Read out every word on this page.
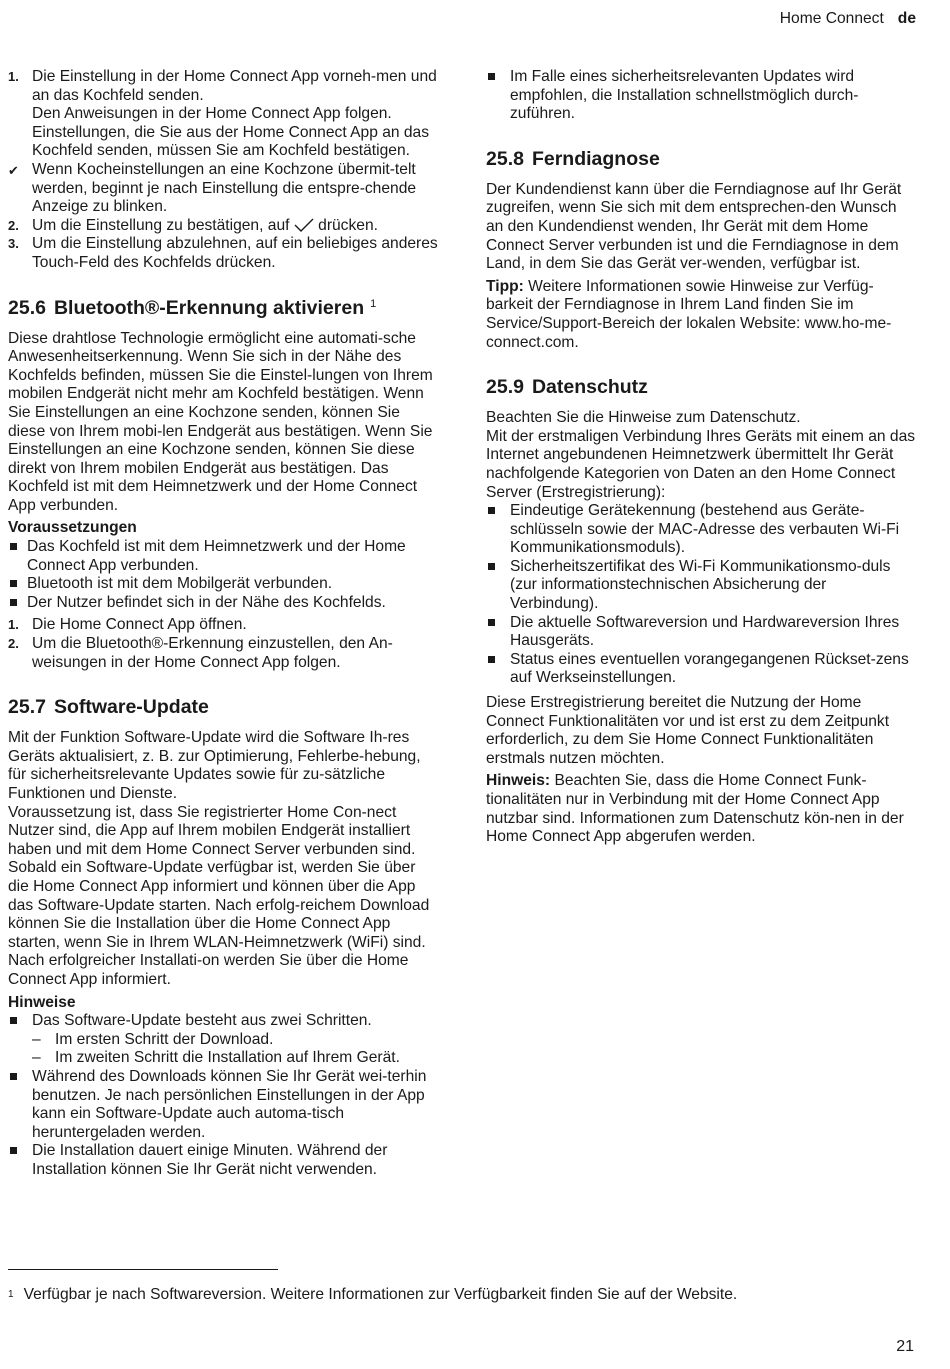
Home Connect de
1. Die Einstellung in der Home Connect App vorneh-men und an das Kochfeld senden.
Den Anweisungen in der Home Connect App folgen.
Einstellungen, die Sie aus der Home Connect App an das Kochfeld senden, müssen Sie am Kochfeld bestätigen.
✔ Wenn Kocheinstellungen an eine Kochzone übermit-telt werden, beginnt je nach Einstellung die entspre-chende Anzeige zu blinken.
2. Um die Einstellung zu bestätigen, auf drücken.
3. Um die Einstellung abzulehnen, auf ein beliebiges anderes Touch-Feld des Kochfelds drücken.
25.6 Bluetooth®-Erkennung aktivieren $^1$

Diese drahtlose Technologie ermöglicht eine automati-sche Anwesenheitserkennung. Wenn Sie sich in der Nähe des Kochfelds befinden, müssen Sie die Einstel-lungen von Ihrem mobilen Endgerät nicht mehr am Kochfeld bestätigen. Wenn Sie Einstellungen an eine Kochzone senden, können Sie diese von Ihrem mobi-len Endgerät aus bestätigen. Wenn Sie Einstellungen an eine Kochzone senden, können Sie diese direkt von Ihrem mobilen Endgerät aus bestätigen. Das Kochfeld ist mit dem Heimnetzwerk und der Home Connect App verbunden.

Voraussetzungen
Das Kochfeld ist mit dem Heimnetzwerk und der Home Connect App verbunden.
Bluetooth ist mit dem Mobilgerät verbunden.
Der Nutzer befindet sich in der Nähe des Kochfelds.
1. Die Home Connect App öffnen.
2. Um die Bluetooth®-Erkennung einzustellen, den An-weisungen in der Home Connect App folgen.
25.7 Software-Update

Mit der Funktion Software-Update wird die Software Ih-res Geräts aktualisiert, z. B. zur Optimierung, Fehlerbe-hebung, für sicherheitsrelevante Updates sowie für zu-sätzliche Funktionen und Dienste.

Voraussetzung ist, dass Sie registrierter Home Con-nect Nutzer sind, die App auf Ihrem mobilen Endgerät installiert haben und mit dem Home Connect Server verbunden sind.

Sobald ein Software-Update verfügbar ist, werden Sie über die Home Connect App informiert und können über die App das Software-Update starten. Nach erfolg-reichem Download können Sie die Installation über die Home Connect App starten, wenn Sie in Ihrem WLAN-Heimnetzwerk (WiFi) sind. Nach erfolgreicher Installati-on werden Sie über die Home Connect App informiert.

Hinweise
Das Software-Update besteht aus zwei Schritten.
– Im ersten Schritt der Download.
– Im zweiten Schritt die Installation auf Ihrem Gerät.
Während des Downloads können Sie Ihr Gerät wei-terhin benutzen. Je nach persönlichen Einstellungen in der App kann ein Software-Update auch automa-tisch heruntergeladen werden.
Die Installation dauert einige Minuten. Während der Installation können Sie Ihr Gerät nicht verwenden.
Im Falle eines sicherheitsrelevanten Updates wird empfohlen, die Installation schnellstmöglich durch-zuführen.
25.8 Ferndiagnose

Der Kundendienst kann über die Ferndiagnose auf Ihr Gerät zugreifen, wenn Sie sich mit dem entsprechen-den Wunsch an den Kundendienst wenden, Ihr Gerät mit dem Home Connect Server verbunden ist und die Ferndiagnose in dem Land, in dem Sie das Gerät ver-wenden, verfügbar ist.

Tipp: Weitere Informationen sowie Hinweise zur Verfüg-barkeit der Ferndiagnose in Ihrem Land finden Sie im Service/Support-Bereich der lokalen Website: www.ho-me-connect.com.

25.9 Datenschutz

Beachten Sie die Hinweise zum Datenschutz.

Mit der erstmaligen Verbindung Ihres Geräts mit einem an das Internet angebundenen Heimnetzwerk übermittelt Ihr Gerät nachfolgende Kategorien von Daten an den Home Connect Server (Erstregistrierung):

Eindeutige Gerätekennung (bestehend aus Geräte-schlüsseln sowie der MAC-Adresse des verbauten Wi-Fi Kommunikationsmoduls).
Sicherheitszertifikat des Wi-Fi Kommunikationsmo-duls (zur informationstechnischen Absicherung der Verbindung).
Die aktuelle Softwareversion und Hardwareversion Ihres Hausgeräts.
Status eines eventuellen vorangegangenen Rückset-zens auf Werkseinstellungen.

Diese Erstregistrierung bereitet die Nutzung der Home Connect Funktionalitäten vor und ist erst zu dem Zeitpunkt erforderlich, zu dem Sie Home Connect Funktionalitäten erstmals nutzen möchten.

Hinweis: Beachten Sie, dass die Home Connect Funk-tionalitäten nur in Verbindung mit der Home Connect App nutzbar sind. Informationen zum Datenschutz kön-nen in der Home Connect App abgerufen werden.

$^1$ Verfügbar je nach Softwareversion. Weitere Informationen zur Verfügbarkeit finden Sie auf der Website.
21
